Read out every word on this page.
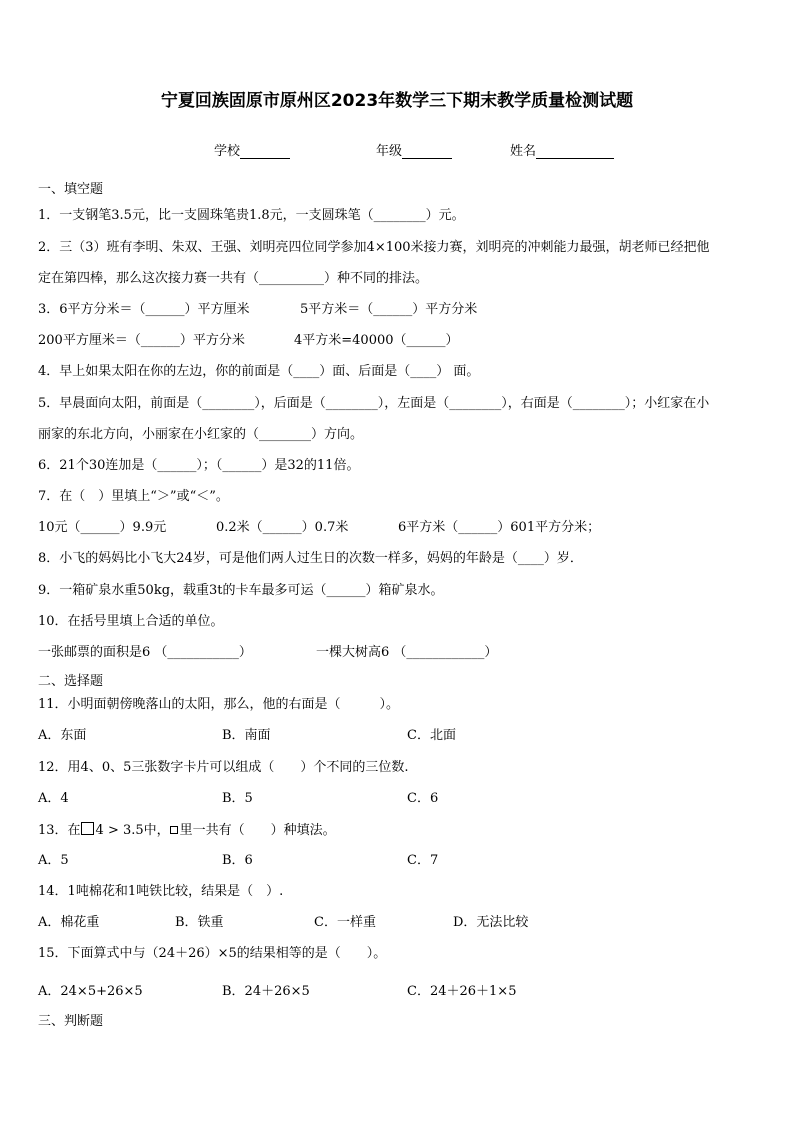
宁夏回族固原市原州区2023年数学三下期末教学质量检测试题
学校	年级	姓名
一、填空题
1．一支钢笔3.5元，比一支圆珠笔贵1.8元，一支圆珠笔（________）元。
2．三（3）班有李明、朱双、王强、刘明亮四位同学参加4×100米接力赛，刘明亮的冲刺能力最强，胡老师已经把他
定在第四棒，那么这次接力赛一共有（__________）种不同的排法。
3．6平方分米＝（______）平方厘米	5平方米＝（______）平方分米
200平方厘米＝（______）平方分米	4平方米=40000（______）
4．早上如果太阳在你的左边，你的前面是（____）面、后面是（____） 面。
5．早晨面向太阳，前面是（________），后面是（________），左面是（________），右面是（________）；小红家在小
丽家的东北方向，小丽家在小红家的（________）方向。
6．21个30连加是（______）；（______）是32的11倍。
7．在（　）里填上“＞”或“＜”。
10元（______）9.9元	0.2米（______）0.7米	6平方米（______）601平方分米；
8．小飞的妈妈比小飞大24岁，可是他们两人过生日的次数一样多，妈妈的年龄是（____）岁．
9．一箱矿泉水重50kg，载重3t的卡车最多可运（______）箱矿泉水。
10．在括号里填上合适的单位。
一张邮票的面积是6 （___________）	一棵大树高6 （____________）
二、选择题
11．小明面朝傍晚落山的太阳，那么，他的右面是（　　　）。
A．东面	B．南面	C．北面
12．用4、0、5三张数字卡片可以组成（　　）个不同的三位数.
A．4	B．5	C．6
13．在 4 > 3.5中， 里一共有（　　）种填法。
A．5	B．6	C．7
14．1吨棉花和1吨铁比较，结果是（　）.
A．棉花重	B．铁重	C．一样重	D．无法比较
15．下面算式中与（24＋26）×5的结果相等的是（　　）。
A．24×5+26×5	B．24＋26×5	C．24＋26＋1×5
三、判断题
